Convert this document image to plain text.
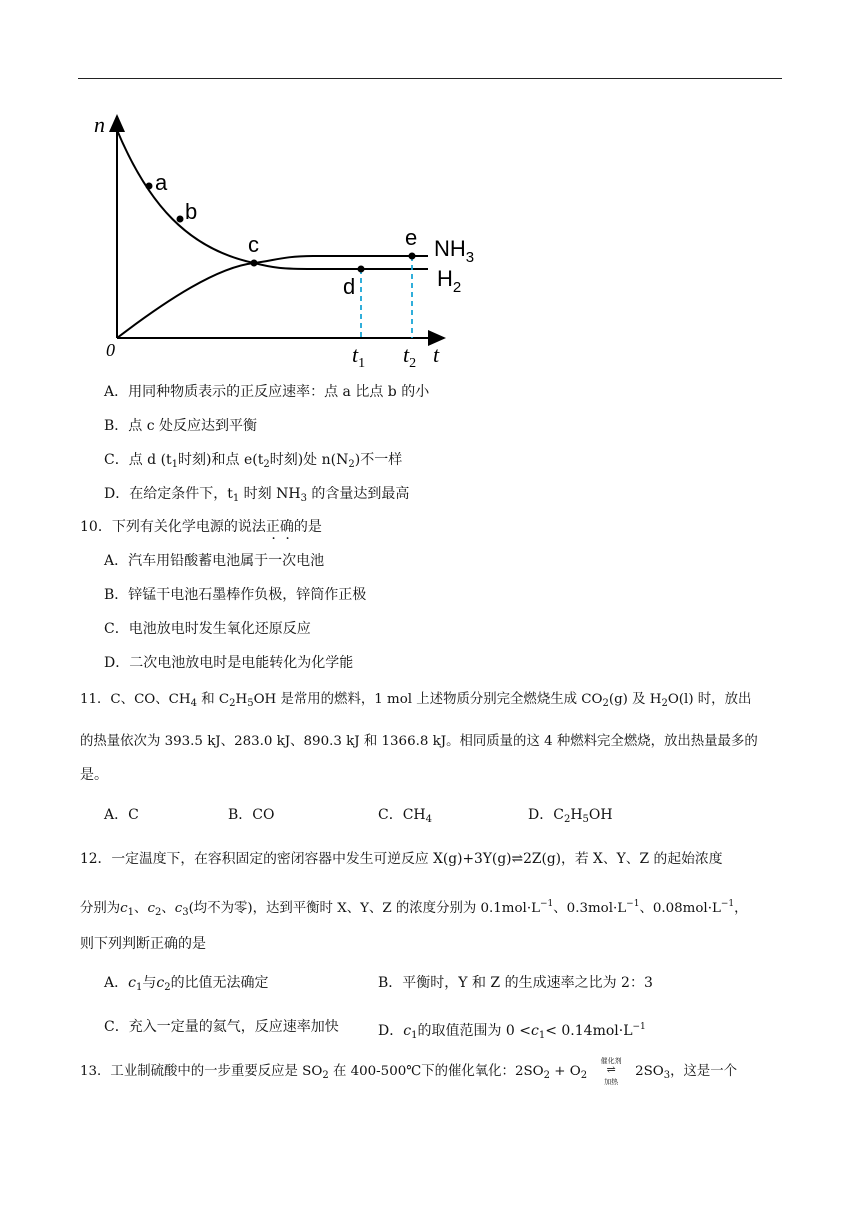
n
t
0
a
b
c
d
e $NH_3$
$H_2$
$t_1$ $t_2$
A．用同种物质表示的正反应速率：点 a 比点 b 的小
B．点 c 处反应达到平衡
C．点 d ($t_1$时刻)和点 $e(t_2$时刻)处 $n(N_2)$不一样
D．在给定条件下，$t_1$ 时刻 $NH_3$ 的含量达到最高
10．下列有关化学电源的说法正确的是
A．汽车用铅酸蓄电池属于一次电池
B．锌锰干电池石墨棒作负极，锌筒作正极
C．电池放电时发生氧化还原反应
D．二次电池放电时是电能转化为化学能
11．C、CO、$CH_4$ 和 $C_2H_5OH$ 是常用的燃料，1 mol 上述物质分别完全燃烧生成 $CO_2(g)$ 及 $H_2O(l)$ 时，放出
的热量依次为 393.5 kJ、283.0 kJ、890.3 kJ 和 1366.8 kJ。相同质量的这 4 种燃料完全燃烧，放出热量最多的
是。
A．C	B．CO	C．$CH_4$	D．$C_2H_5OH$
12．一定温度下，在容积固定的密闭容器中发生可逆反应 X(g)+3Y(g)⇌2Z(g)，若 X、Y、Z 的起始浓度
分别为$c_1$、$c_2$、$c_3$(均不为零)，达到平衡时 X、Y、Z 的浓度分别为 $0.1mol\cdot L^{-1}$、$0.3mol\cdot L^{-1}$、$0.08mol\cdot L^{-1}$，
则下列判断正确的是
A．$c_1$与$c_2$的比值无法确定	B．平衡时，Y 和 Z 的生成速率之比为 2：3
C．充入一定量的氦气，反应速率加快	D．$c_1$的取值范围为 $0 <c_1< 0.14mol\cdot L^{-1}$
13．工业制硫酸中的一步重要反应是 $SO_2$ 在 400-500℃下的催化氧化：$2SO_2 + O_2$
催化剂
⇌
加热
$2SO_3$，这是一个
